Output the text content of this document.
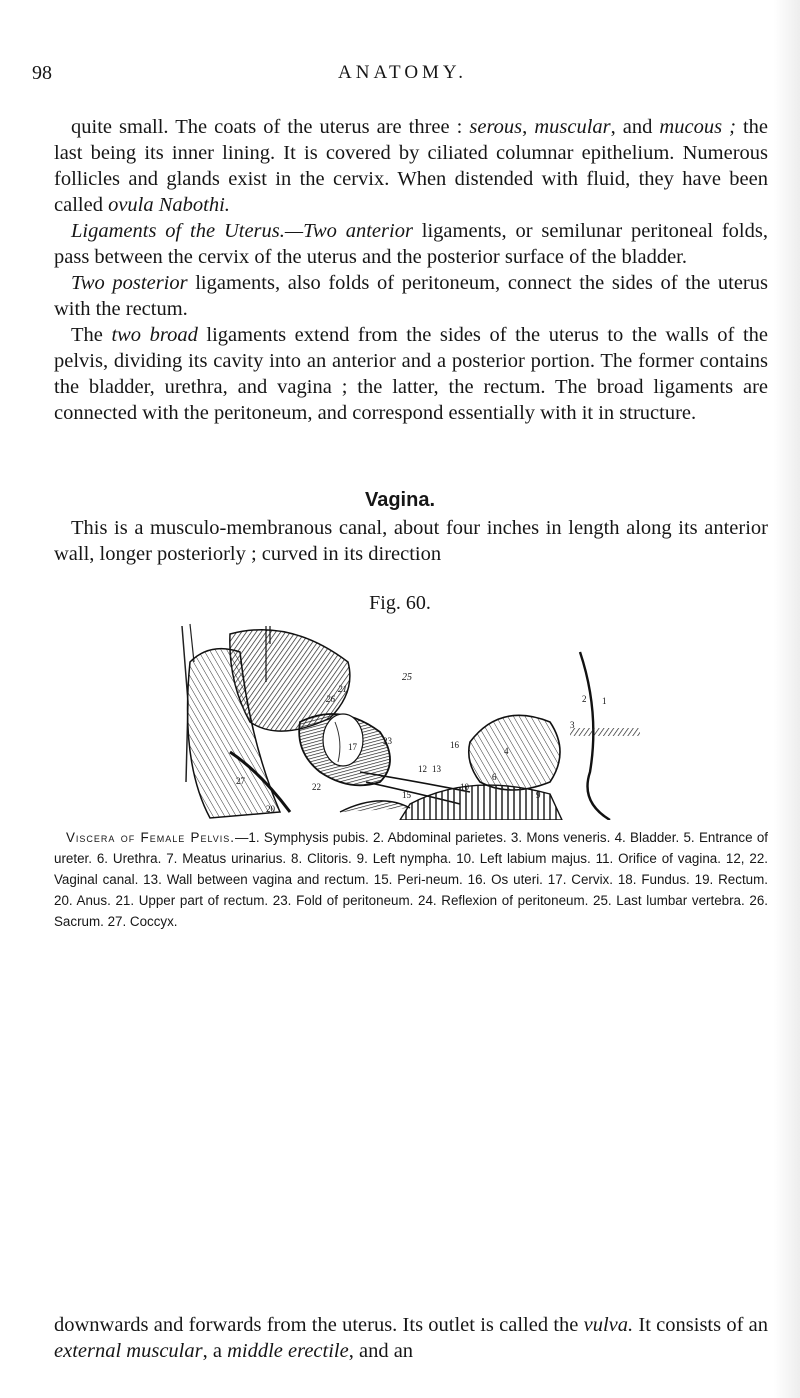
98	ANATOMY.

quite small. The coats of the uterus are three : serous, muscular, and mucous ; the last being its inner lining. It is covered by ciliated columnar epithelium. Numerous follicles and glands exist in the cervix. When distended with fluid, they have been called ovula Nabothi.

Ligaments of the Uterus.—Two anterior ligaments, or semilunar peritoneal folds, pass between the cervix of the uterus and the posterior surface of the bladder.

Two posterior ligaments, also folds of peritoneum, connect the sides of the uterus with the rectum.

The two broad ligaments extend from the sides of the uterus to the walls of the pelvis, dividing its cavity into an anterior and a posterior portion. The former contains the bladder, urethra, and vagina ; the latter, the rectum. The broad ligaments are connected with the peritoneum, and correspond essentially with it in structure.

Vagina.

This is a musculo-membranous canal, about four inches in length along its anterior wall, longer posteriorly ; curved in its direction

Fig. 60.
25
26
21
23
17
27
22
12 13
15
16
10
4
6
3
2 1
9
20

Viscera of Female Pelvis.—1. Symphysis pubis. 2. Abdominal parietes. 3. Mons veneris. 4. Bladder. 5. Entrance of ureter. 6. Urethra. 7. Meatus urinarius. 8. Clitoris. 9. Left nympha. 10. Left labium majus. 11. Orifice of vagina. 12, 22. Vaginal canal. 13. Wall between vagina and rectum. 15. Peri-neum. 16. Os uteri. 17. Cervix. 18. Fundus. 19. Rectum. 20. Anus. 21. Upper part of rectum. 23. Fold of peritoneum. 24. Reflexion of peritoneum. 25. Last lumbar vertebra. 26. Sacrum. 27. Coccyx.

downwards and forwards from the uterus. Its outlet is called the vulva. It consists of an external muscular, a middle erectile, and an
